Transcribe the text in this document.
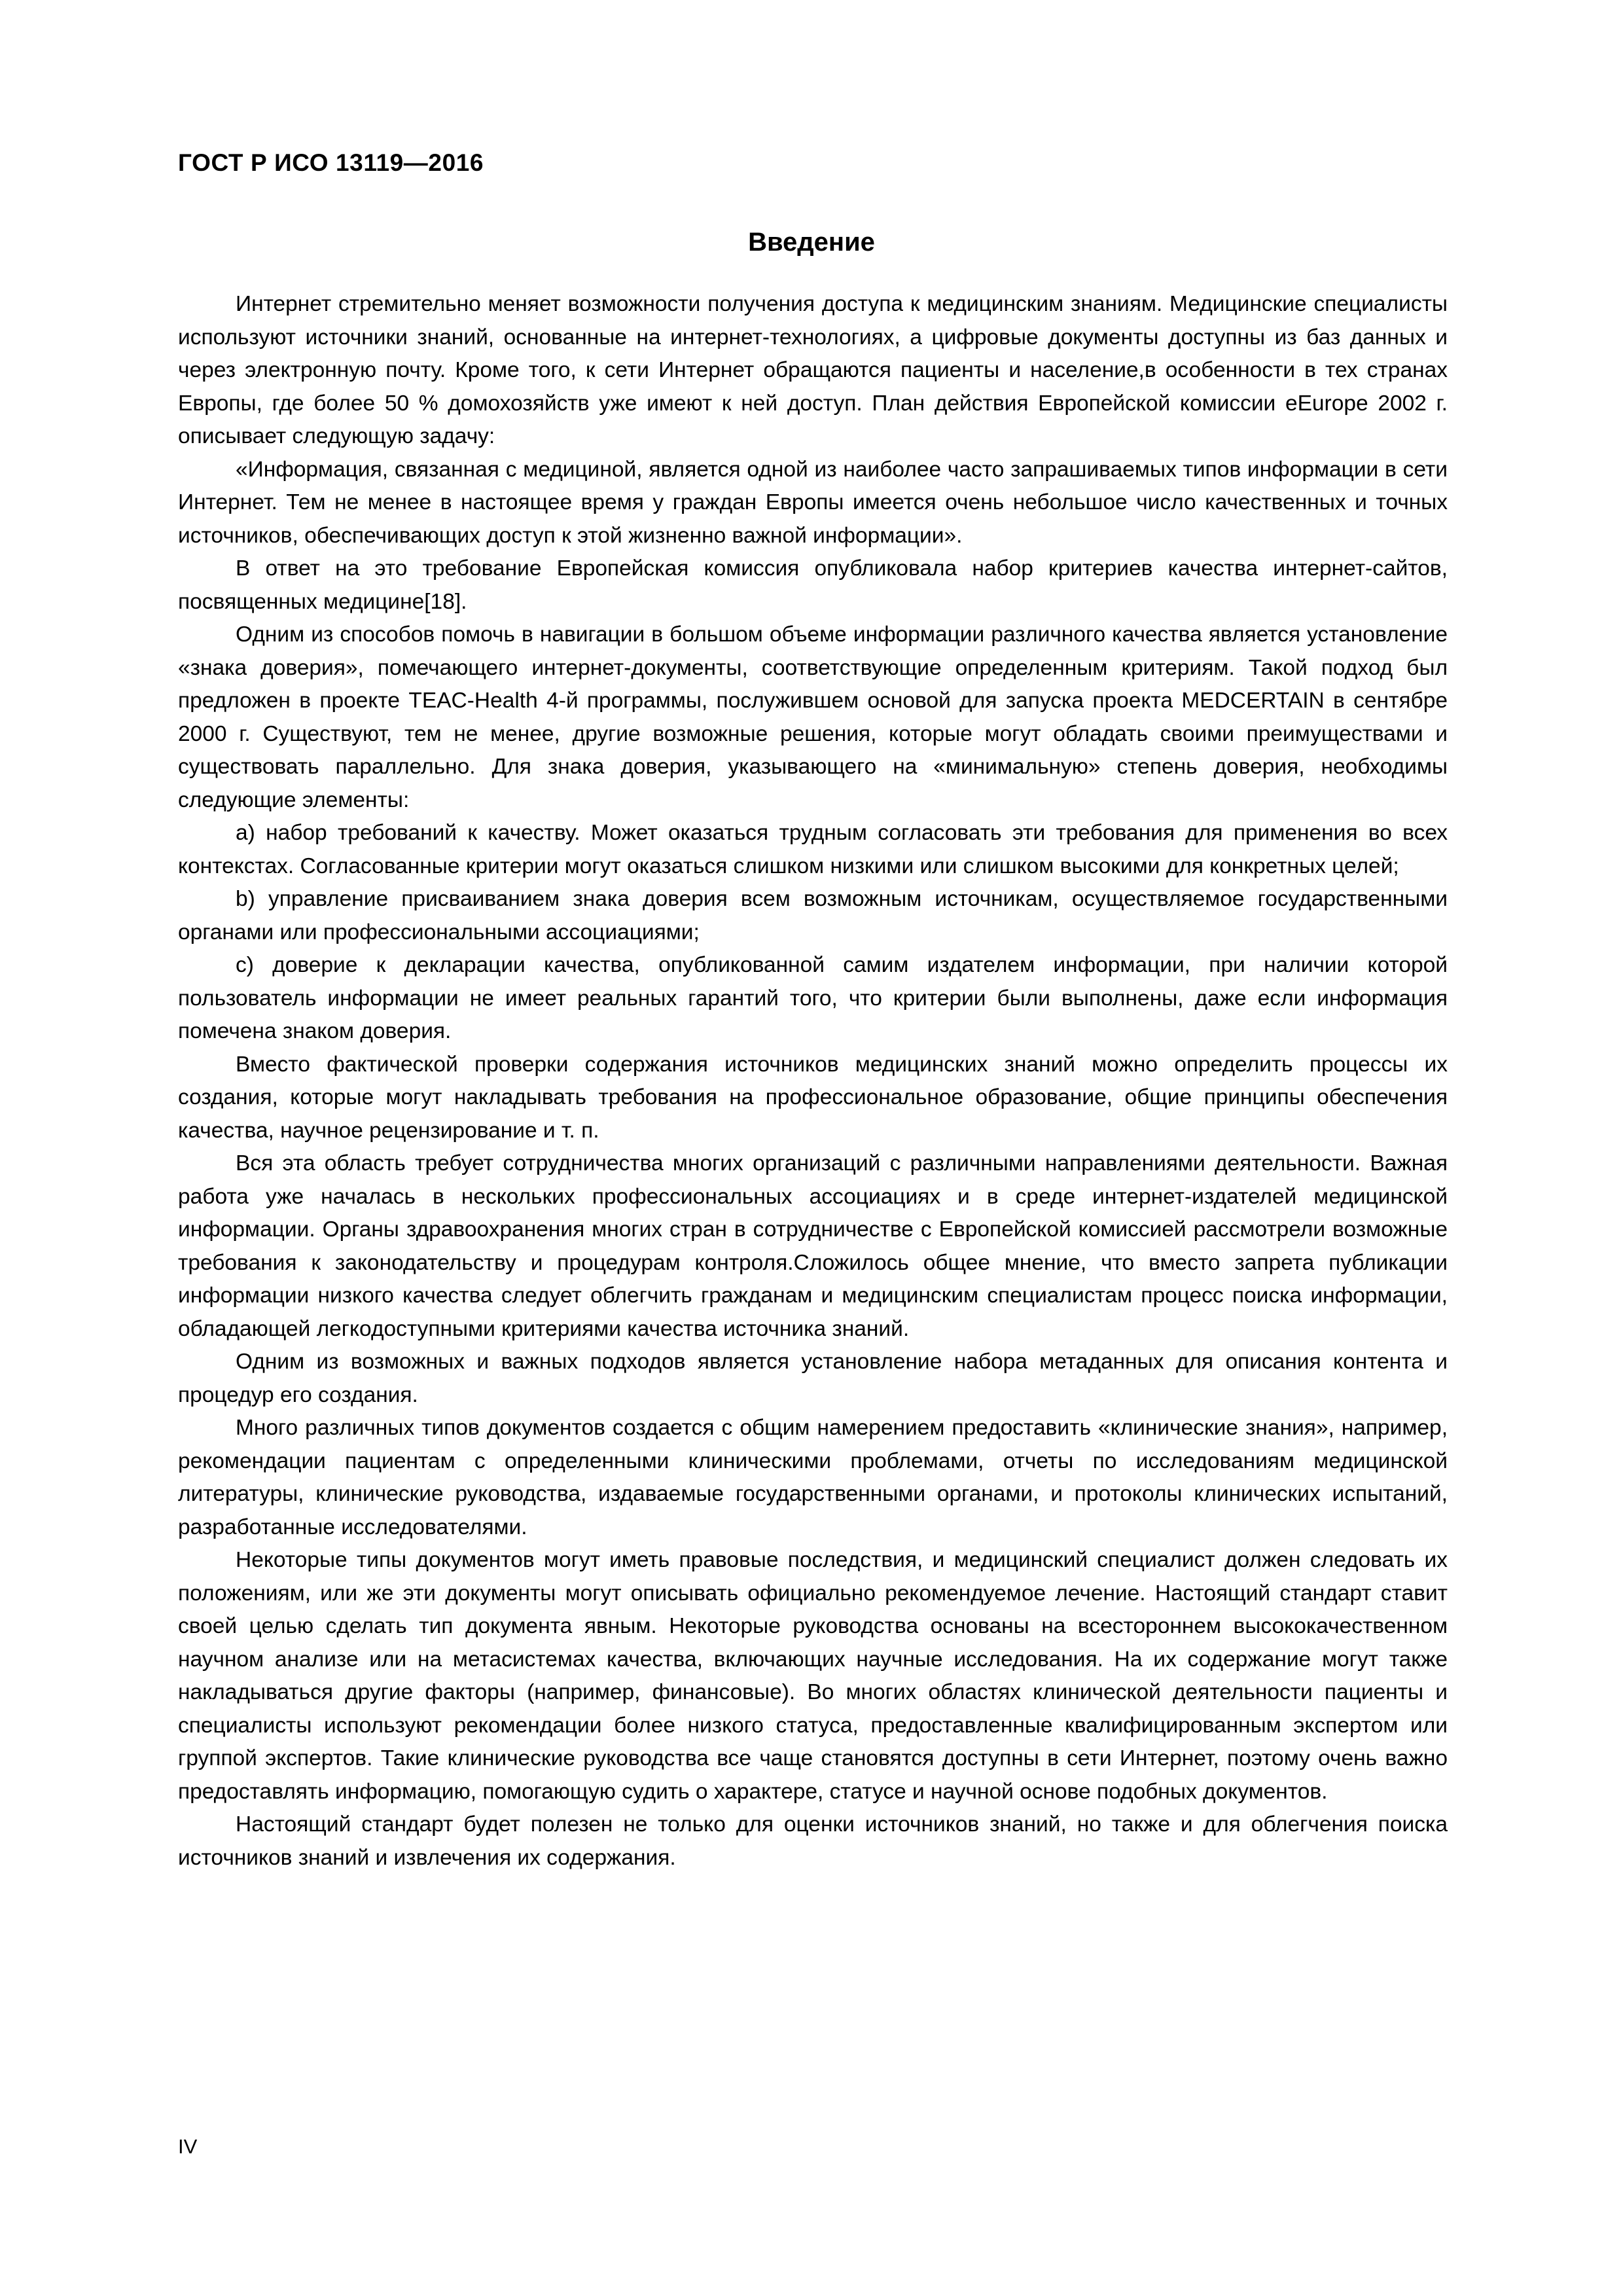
ГОСТ Р ИСО 13119—2016
Введение

Интернет стремительно меняет возможности получения доступа к медицинским знаниям. Медицинские специалисты используют источники знаний, основанные на интернет-технологиях, а цифровые документы доступны из баз данных и через электронную почту. Кроме того, к сети Интернет обращаются пациенты и население,в особенности в тех странах Европы, где более 50 % домохозяйств уже имеют к ней доступ. План действия Европейской комиссии eEurope 2002 г. описывает следующую задачу:

«Информация, связанная с медициной, является одной из наиболее часто запрашиваемых типов информации в сети Интернет. Тем не менее в настоящее время у граждан Европы имеется очень небольшое число качественных и точных источников, обеспечивающих доступ к этой жизненно важной информации».

В ответ на это требование Европейская комиссия опубликовала набор критериев качества интернет-сайтов, посвященных медицине[18].

Одним из способов помочь в навигации в большом объеме информации различного качества является установление «знака доверия», помечающего интернет-документы, соответствующие определенным критериям. Такой подход был предложен в проекте TEAC-Health 4-й программы, послужившем основой для запуска проекта MEDCERTAIN в сентябре 2000 г. Существуют, тем не менее, другие возможные решения, которые могут обладать своими преимуществами и существовать параллельно. Для знака доверия, указывающего на «минимальную» степень доверия, необходимы следующие элементы:

a) набор требований к качеству. Может оказаться трудным согласовать эти требования для применения во всех контекстах. Согласованные критерии могут оказаться слишком низкими или слишком высокими для конкретных целей;

b) управление присваиванием знака доверия всем возможным источникам, осуществляемое государственными органами или профессиональными ассоциациями;

c) доверие к декларации качества, опубликованной самим издателем информации, при наличии которой пользователь информации не имеет реальных гарантий того, что критерии были выполнены, даже если информация помечена знаком доверия.

Вместо фактической проверки содержания источников медицинских знаний можно определить процессы их создания, которые могут накладывать требования на профессиональное образование, общие принципы обеспечения качества, научное рецензирование и т. п.

Вся эта область требует сотрудничества многих организаций с различными направлениями деятельности. Важная работа уже началась в нескольких профессиональных ассоциациях и в среде интернет-издателей медицинской информации. Органы здравоохранения многих стран в сотрудничестве с Европейской комиссией рассмотрели возможные требования к законодательству и процедурам контроля.Сложилось общее мнение, что вместо запрета публикации информации низкого качества следует облегчить гражданам и медицинским специалистам процесс поиска информации, обладающей легкодоступными критериями качества источника знаний.

Одним из возможных и важных подходов является установление набора метаданных для описания контента и процедур его создания.

Много различных типов документов создается с общим намерением предоставить «клинические знания», например, рекомендации пациентам с определенными клиническими проблемами, отчеты по исследованиям медицинской литературы, клинические руководства, издаваемые государственными органами, и протоколы клинических испытаний, разработанные исследователями.

Некоторые типы документов могут иметь правовые последствия, и медицинский специалист должен следовать их положениям, или же эти документы могут описывать официально рекомендуемое лечение. Настоящий стандарт ставит своей целью сделать тип документа явным. Некоторые руководства основаны на всестороннем высококачественном научном анализе или на метасистемах качества, включающих научные исследования. На их содержание могут также накладываться другие факторы (например, финансовые). Во многих областях клинической деятельности пациенты и специалисты используют рекомендации более низкого статуса, предоставленные квалифицированным экспертом или группой экспертов. Такие клинические руководства все чаще становятся доступны в сети Интернет, поэтому очень важно предоставлять информацию, помогающую судить о характере, статусе и научной основе подобных документов.

Настоящий стандарт будет полезен не только для оценки источников знаний, но также и для облегчения поиска источников знаний и извлечения их содержания.

IV
